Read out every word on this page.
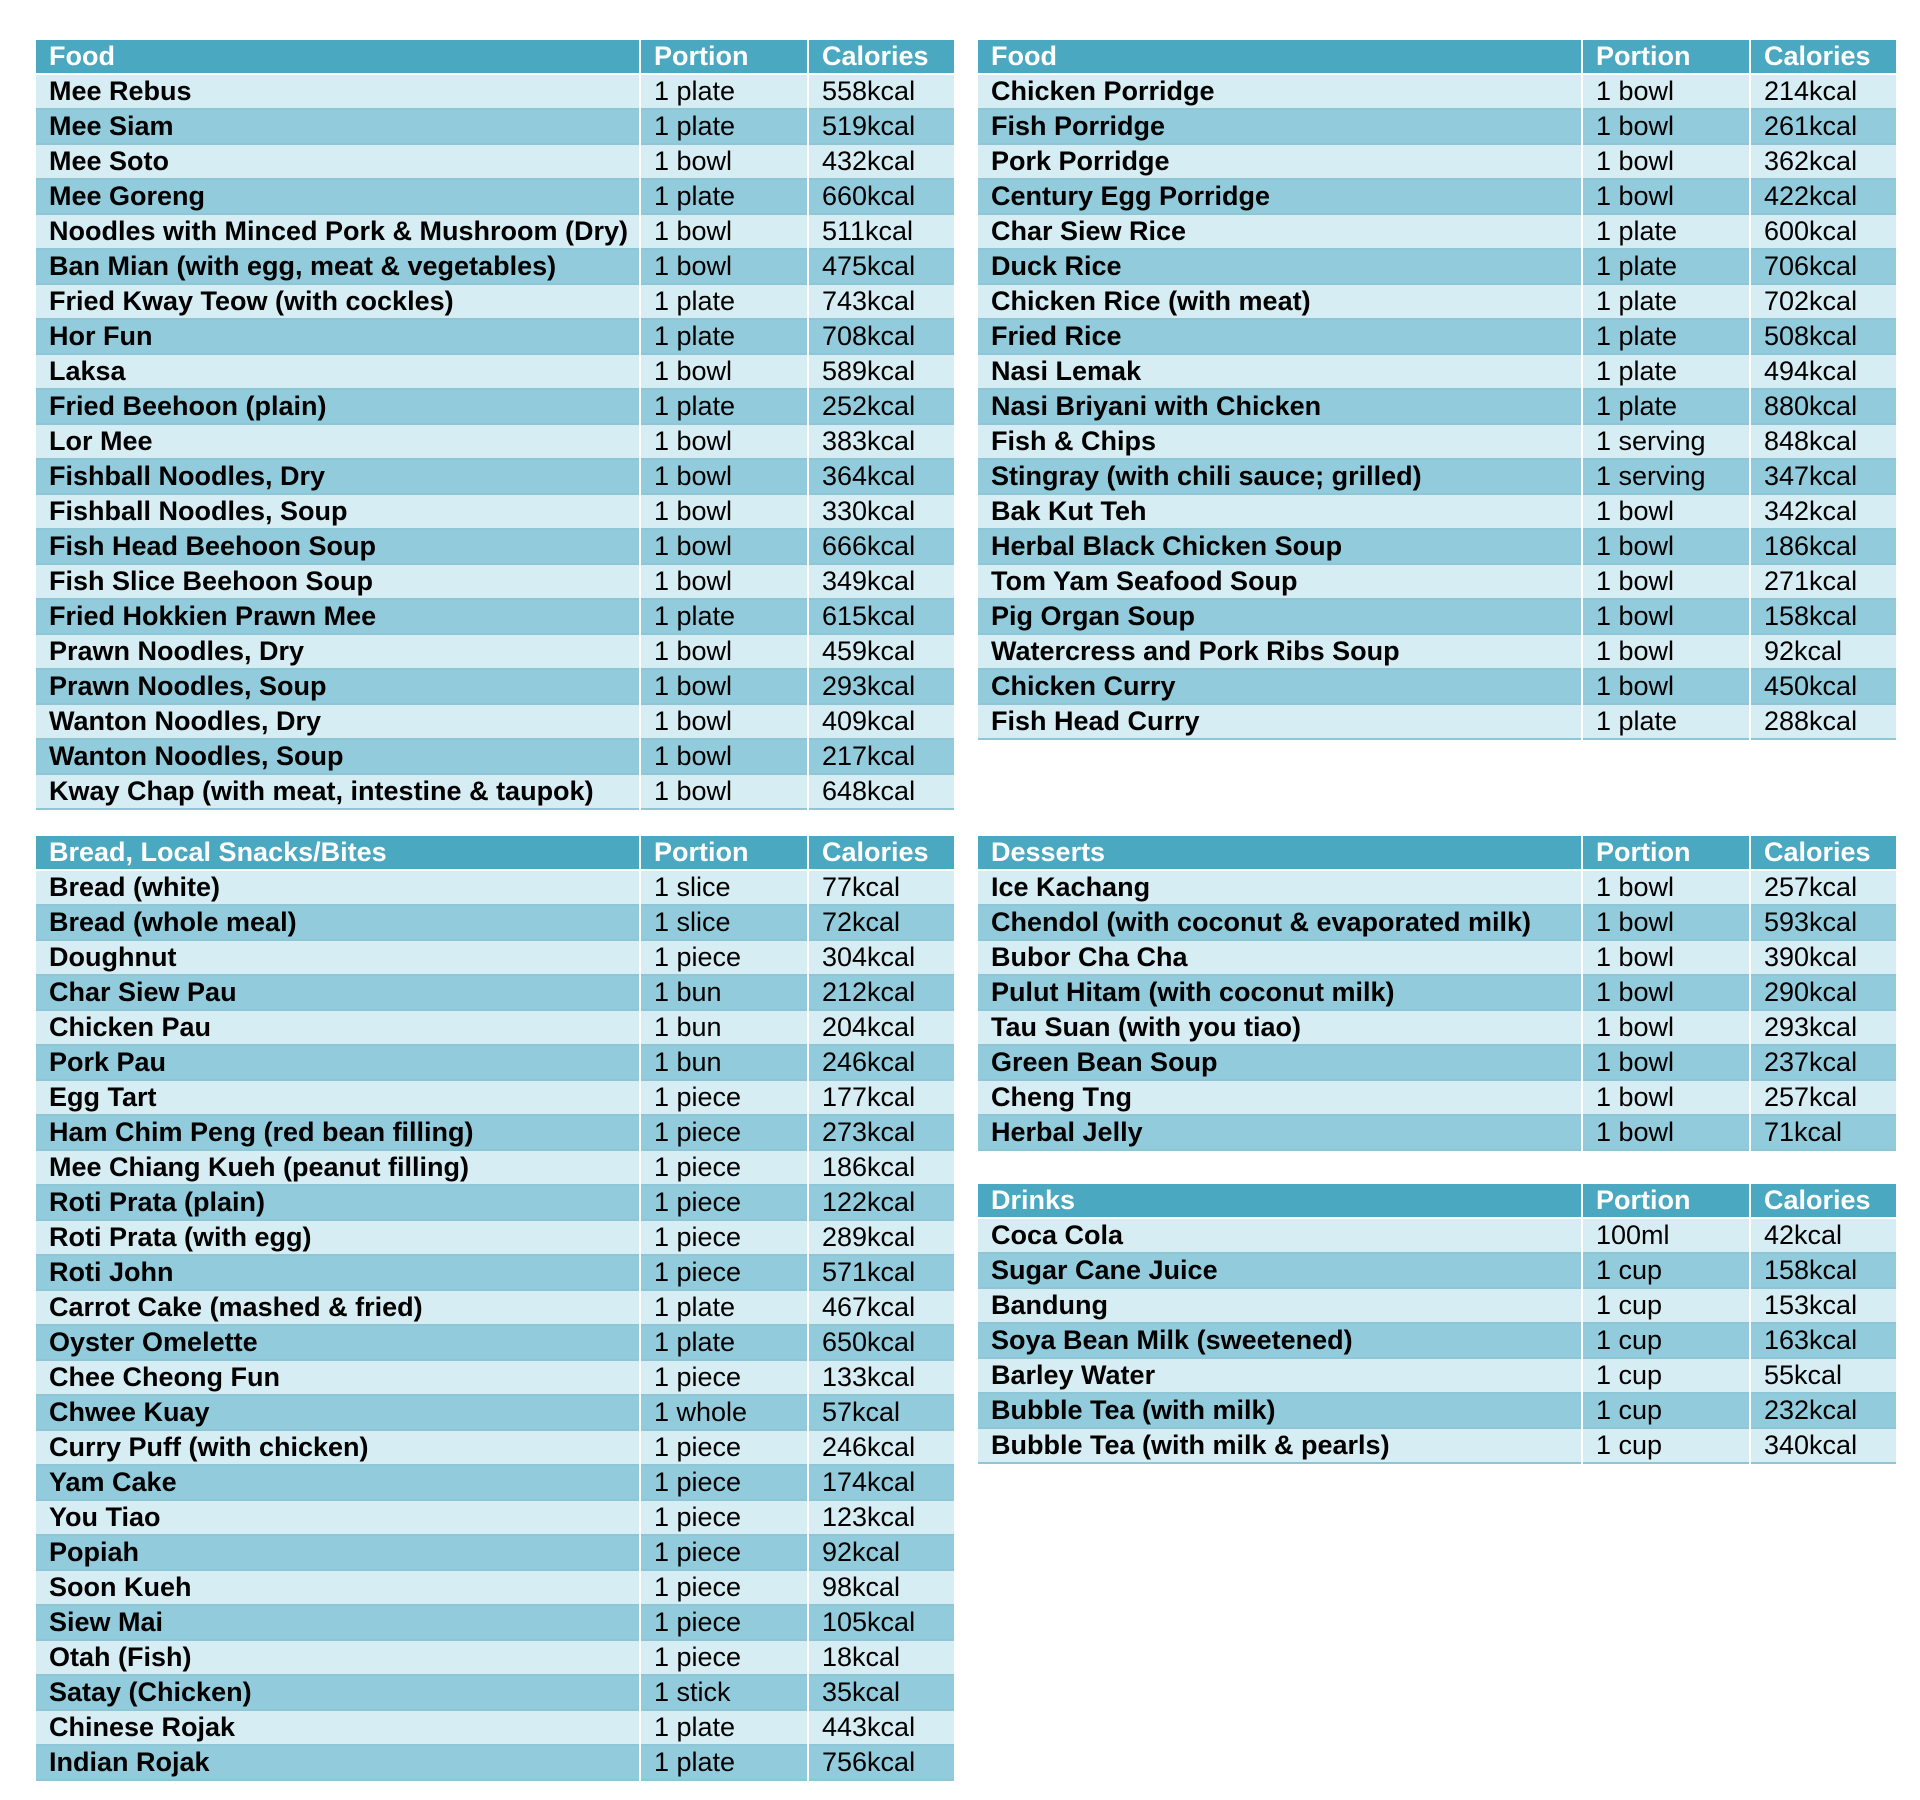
Food	Portion	Calories
Mee Rebus	1 plate	558kcal
Mee Siam	1 plate	519kcal
Mee Soto	1 bowl	432kcal
Mee Goreng	1 plate	660kcal
Noodles with Minced Pork & Mushroom (Dry)	1 bowl	511kcal
Ban Mian (with egg, meat & vegetables)	1 bowl	475kcal
Fried Kway Teow (with cockles)	1 plate	743kcal
Hor Fun	1 plate	708kcal
Laksa	1 bowl	589kcal
Fried Beehoon (plain)	1 plate	252kcal
Lor Mee	1 bowl	383kcal
Fishball Noodles, Dry	1 bowl	364kcal
Fishball Noodles, Soup	1 bowl	330kcal
Fish Head Beehoon Soup	1 bowl	666kcal
Fish Slice Beehoon Soup	1 bowl	349kcal
Fried Hokkien Prawn Mee	1 plate	615kcal
Prawn Noodles, Dry	1 bowl	459kcal
Prawn Noodles, Soup	1 bowl	293kcal
Wanton Noodles, Dry	1 bowl	409kcal
Wanton Noodles, Soup	1 bowl	217kcal
Kway Chap (with meat, intestine & taupok)	1 bowl	648kcal
Food	Portion	Calories
Chicken Porridge	1 bowl	214kcal
Fish Porridge	1 bowl	261kcal
Pork Porridge	1 bowl	362kcal
Century Egg Porridge	1 bowl	422kcal
Char Siew Rice	1 plate	600kcal
Duck Rice	1 plate	706kcal
Chicken Rice (with meat)	1 plate	702kcal
Fried Rice	1 plate	508kcal
Nasi Lemak	1 plate	494kcal
Nasi Briyani with Chicken	1 plate	880kcal
Fish & Chips	1 serving	848kcal
Stingray (with chili sauce; grilled)	1 serving	347kcal
Bak Kut Teh	1 bowl	342kcal
Herbal Black Chicken Soup	1 bowl	186kcal
Tom Yam Seafood Soup	1 bowl	271kcal
Pig Organ Soup	1 bowl	158kcal
Watercress and Pork Ribs Soup	1 bowl	92kcal
Chicken Curry	1 bowl	450kcal
Fish Head Curry	1 plate	288kcal
Bread, Local Snacks/Bites	Portion	Calories
Bread (white)	1 slice	77kcal
Bread (whole meal)	1 slice	72kcal
Doughnut	1 piece	304kcal
Char Siew Pau	1 bun	212kcal
Chicken Pau	1 bun	204kcal
Pork Pau	1 bun	246kcal
Egg Tart	1 piece	177kcal
Ham Chim Peng (red bean filling)	1 piece	273kcal
Mee Chiang Kueh (peanut filling)	1 piece	186kcal
Roti Prata (plain)	1 piece	122kcal
Roti Prata (with egg)	1 piece	289kcal
Roti John	1 piece	571kcal
Carrot Cake (mashed & fried)	1 plate	467kcal
Oyster Omelette	1 plate	650kcal
Chee Cheong Fun	1 piece	133kcal
Chwee Kuay	1 whole	57kcal
Curry Puff (with chicken)	1 piece	246kcal
Yam Cake	1 piece	174kcal
You Tiao	1 piece	123kcal
Popiah	1 piece	92kcal
Soon Kueh	1 piece	98kcal
Siew Mai	1 piece	105kcal
Otah (Fish)	1 piece	18kcal
Satay (Chicken)	1 stick	35kcal
Chinese Rojak	1 plate	443kcal
Indian Rojak	1 plate	756kcal
Desserts	Portion	Calories
Ice Kachang	1 bowl	257kcal
Chendol (with coconut & evaporated milk)	1 bowl	593kcal
Bubor Cha Cha	1 bowl	390kcal
Pulut Hitam (with coconut milk)	1 bowl	290kcal
Tau Suan (with you tiao)	1 bowl	293kcal
Green Bean Soup	1 bowl	237kcal
Cheng Tng	1 bowl	257kcal
Herbal Jelly	1 bowl	71kcal
Drinks	Portion	Calories
Coca Cola	100ml	42kcal
Sugar Cane Juice	1 cup	158kcal
Bandung	1 cup	153kcal
Soya Bean Milk (sweetened)	1 cup	163kcal
Barley Water	1 cup	55kcal
Bubble Tea (with milk)	1 cup	232kcal
Bubble Tea (with milk & pearls)	1 cup	340kcal
